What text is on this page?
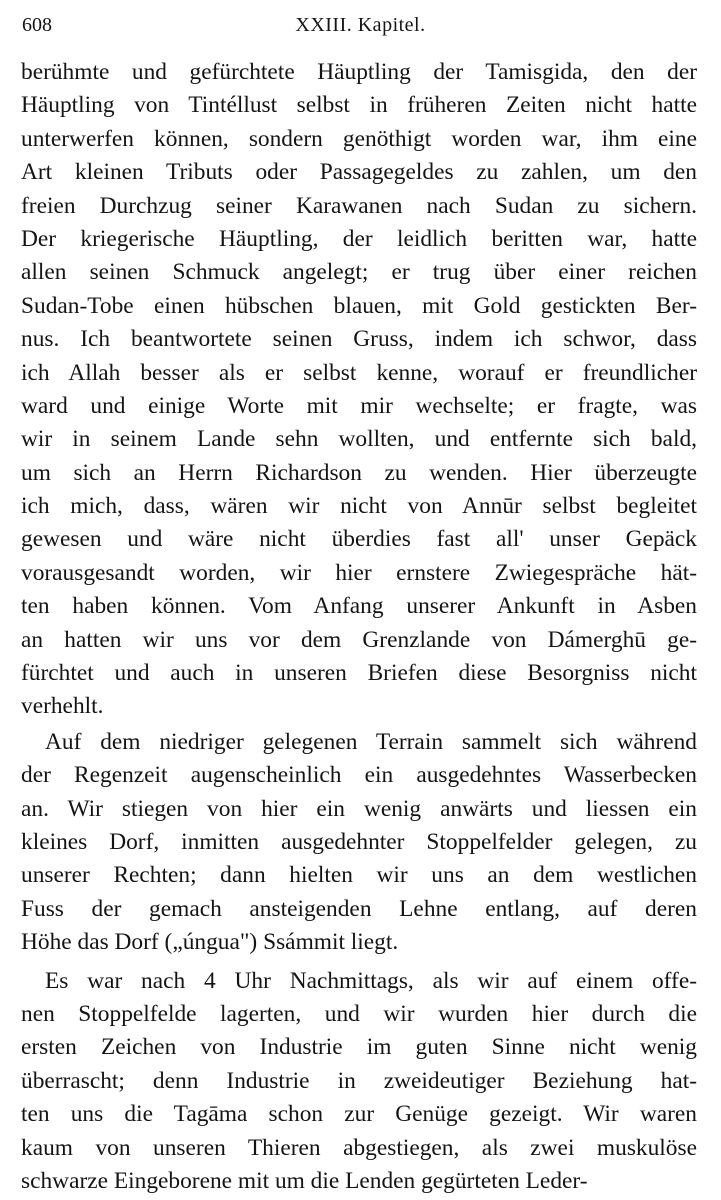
608	XXIII. Kapitel.
berühmte und gefürchtete Häuptling der Tamisgida, den der
Häuptling von Tintéllust selbst in früheren Zeiten nicht hatte
unterwerfen können, sondern genöthigt worden war, ihm eine
Art kleinen Tributs oder Passagegeldes zu zahlen, um den
freien Durchzug seiner Karawanen nach Sudan zu sichern.
Der kriegerische Häuptling, der leidlich beritten war, hatte
allen seinen Schmuck angelegt; er trug über einer reichen
Sudan-Tobe einen hübschen blauen, mit Gold gestickten Ber-
nus. Ich beantwortete seinen Gruss, indem ich schwor, dass
ich Allah besser als er selbst kenne, worauf er freundlicher
ward und einige Worte mit mir wechselte; er fragte, was
wir in seinem Lande sehn wollten, und entfernte sich bald,
um sich an Herrn Richardson zu wenden. Hier überzeugte
ich mich, dass, wären wir nicht von Annūr selbst begleitet
gewesen und wäre nicht überdies fast all' unser Gepäck
vorausgesandt worden, wir hier ernstere Zwiegespräche hät-
ten haben können. Vom Anfang unserer Ankunft in Asben
an hatten wir uns vor dem Grenzlande von Dámerghū ge-
fürchtet und auch in unseren Briefen diese Besorgniss nicht
verhehlt.
Auf dem niedriger gelegenen Terrain sammelt sich während
der Regenzeit augenscheinlich ein ausgedehntes Wasserbecken
an. Wir stiegen von hier ein wenig anwärts und liessen ein
kleines Dorf, inmitten ausgedehnter Stoppelfelder gelegen, zu
unserer Rechten; dann hielten wir uns an dem westlichen
Fuss der gemach ansteigenden Lehne entlang, auf deren
Höhe das Dorf („úngua") Ssámmit liegt.
Es war nach 4 Uhr Nachmittags, als wir auf einem offe-
nen Stoppelfelde lagerten, und wir wurden hier durch die
ersten Zeichen von Industrie im guten Sinne nicht wenig
überrascht; denn Industrie in zweideutiger Beziehung hat-
ten uns die Tagāma schon zur Genüge gezeigt. Wir waren
kaum von unseren Thieren abgestiegen, als zwei muskulöse
schwarze Eingeborene mit um die Lenden gegürteten Leder-
